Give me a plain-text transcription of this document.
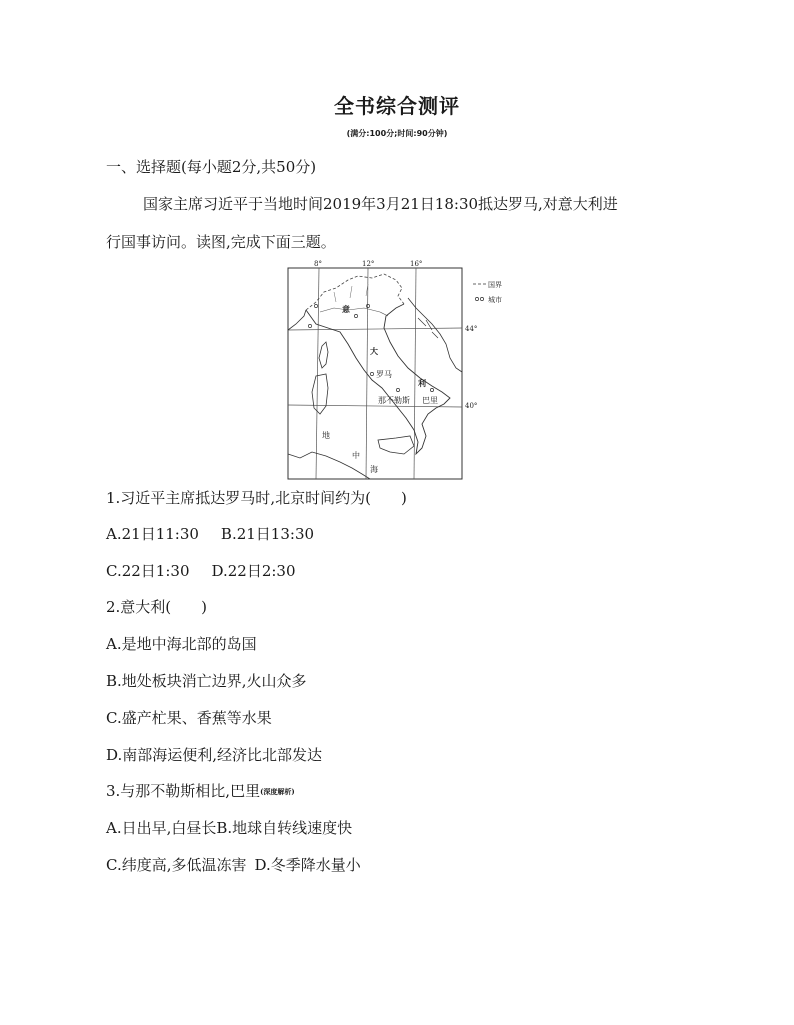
全书综合测评
(满分:100分;时间:90分钟)
一、选择题(每小题2分,共50分)
国家主席习近平于当地时间2019年3月21日18:30抵达罗马,对意大利进
行国事访问。读图,完成下面三题。
8°	12°	16°
44°
40°
国界
城市
意
大
利
地
中
海
罗马
那不勒斯 巴里
1.习近平主席抵达罗马时,北京时间约为( )
A.21日11:30 B.21日13:30
C.22日1:30 D.22日2:30
2.意大利( )
A.是地中海北部的岛国
B.地处板块消亡边界,火山众多
C.盛产杧果、香蕉等水果
D.南部海运便利,经济比北部发达
3.与那不勒斯相比,巴里(深度解析)
A.日出早,白昼长B.地球自转线速度快
C.纬度高,多低温冻害 D.冬季降水量小
